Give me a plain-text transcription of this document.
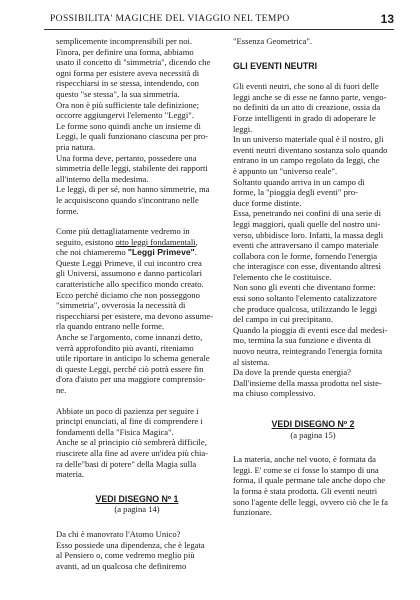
POSSIBILITA' MAGICHE DEL VIAGGIO NEL TEMPO	13
semplicemente incomprensibili per noi.
Finora, per definire una forma, abbiamo
usato il concetto di "simmetria", dicendo che
ogni forma per esistere aveva necessità di
rispecchiarsi in se stessa, intendendo, con
questo "se stessa", la sua simmetria.
Ora non è più sufficiente tale definizione;
occorre aggiungervi l'elemento "Leggi".
Le forme sono quindi anche un insieme di
Leggi, le quali funzionano ciascuna per pro-
pria natura.
Una forma deve, pertanto, possedere una
simmetria delle leggi, stabilente dei rapporti
all'interno della medesima.
Le leggi, di per sé, non hanno simmetrie, ma
le acquisiscono quando s'incontrano nelle
forme.
Come più dettagliatamente vedremo in
seguito, esistono otto leggi fondamentali,
che noi chiameremo "Leggi Primeve".
Queste Leggi Primeve, il cui incontro crea
gli Universi, assumono e danno particolari
caratteristiche allo specifico mondo creato.
Ecco perché diciamo che non posseggono
"simmetria", ovverosia la necessità di
rispecchiarsi per esistere, ma devono assume-
rla quando entrano nelle forme.
Anche se l'argomento, come innanzi detto,
verrà approfondito più avanti, riteniamo
utile riportare in anticipo lo schema generale
di queste Leggi, perché ciò potrà essere fin
d'ora d'aiuto per una maggiore comprensio-
ne.
Abbiate un poco di pazienza per seguire i
principi enunciati, al fine di comprendere i
fondamenti della "Fisica Magica".
Anche se al principio ciò sembrerà difficile,
riuscirete alla fine ad avere un'idea più chia-
ra delle"basi di potere" della Magia sulla
materia.
VEDI DISEGNO Nº 1
(a pagina 14)
Da chi è manovrato l'Atomo Unico?
Esso possiede una dipendenza, che è legata
al Pensiero o, come vedremo meglio più
avanti, ad un qualcosa che definiremo
"Essenza Geometrica".
GLI EVENTI NEUTRI
Gli eventi neutri, che sono al di fuori delle
leggi anche se di esse ne fanno parte, vengo-
no definiti da un atto di creazione, ossia da
Forze intelligenti in grado di adoperare le
leggi.
In un universo materiale qual è il nostro, gli
eventi neutri diventano sostanza solo quando
entrano in un campo regolato da leggi, che
è appunto un "universo reale".
Soltanto quando arriva in un campo di
forme, la "pioggia degli eventi" pro-
duce forme distinte.
Essa, penetrando nei confini di una serie di
leggi maggiori, quali quelle del nostro uni-
verso, ubbidisce loro. Infatti, la massa degli
eventi che attraversano il campo materiale
collabora con le forme, fornendo l'energia
che interagisce con esse, diventando altresì
l'elemento che le costituisce.
Non sono gli eventi che diventano forme:
essi sono soltanto l'elemento catalizzatore
che produce qualcosa, utilizzando le leggi
del campo in cui precipitano.
Quando la pioggia di eventi esce dal medesi-
mo, termina la sua funzione e diventa di
nuovo neutra, reintegrando l'energia fornita
al sistema.
Da dove la prende questa energia?
Dall'insieme della massa prodotta nel siste-
ma chiuso complessivo.
VEDI DISEGNO Nº 2
(a pagina 15)
La materia, anche nel vuoto, è formata da
leggi. E' come se ci fosse lo stampo di una
forma, il quale permane tale anche dopo che
la forma è stata prodotta. Gli eventi neutri
sono l'agente delle leggi, ovvero ciò che le fa
funzionare.
